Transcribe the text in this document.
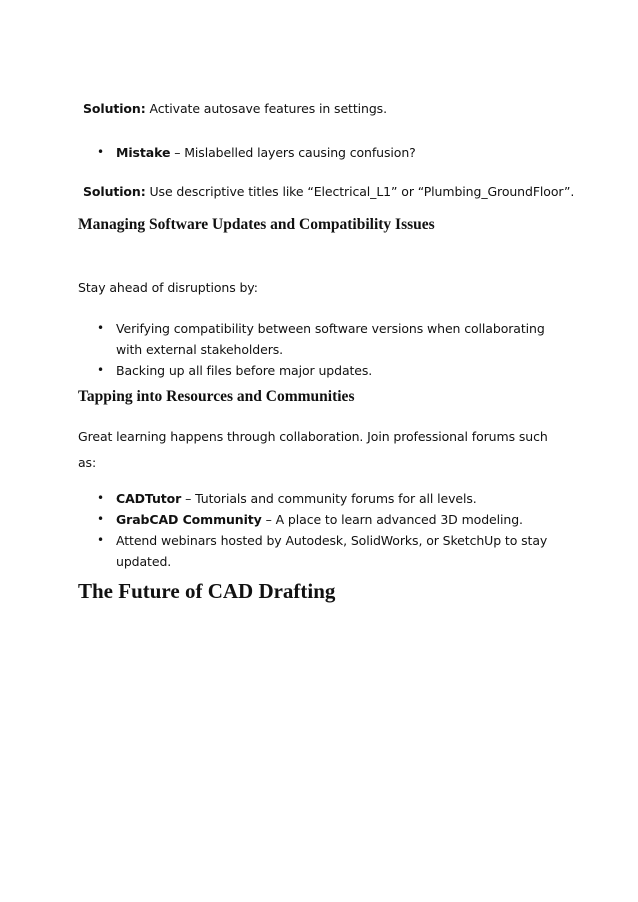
Solution: Activate autosave features in settings.

• Mistake – Mislabelled layers causing confusion?

Solution: Use descriptive titles like “Electrical_L1” or “Plumbing_GroundFloor”.

Managing Software Updates and Compatibility Issues

Stay ahead of disruptions by:

• Verifying compatibility between software versions when collaborating with external stakeholders.
• Backing up all files before major updates.
Tapping into Resources and Communities

Great learning happens through collaboration. Join professional forums such as:

• CADTutor – Tutorials and community forums for all levels.
• GrabCAD Community – A place to learn advanced 3D modeling.
• Attend webinars hosted by Autodesk, SolidWorks, or SketchUp to stay updated.
The Future of CAD Drafting
